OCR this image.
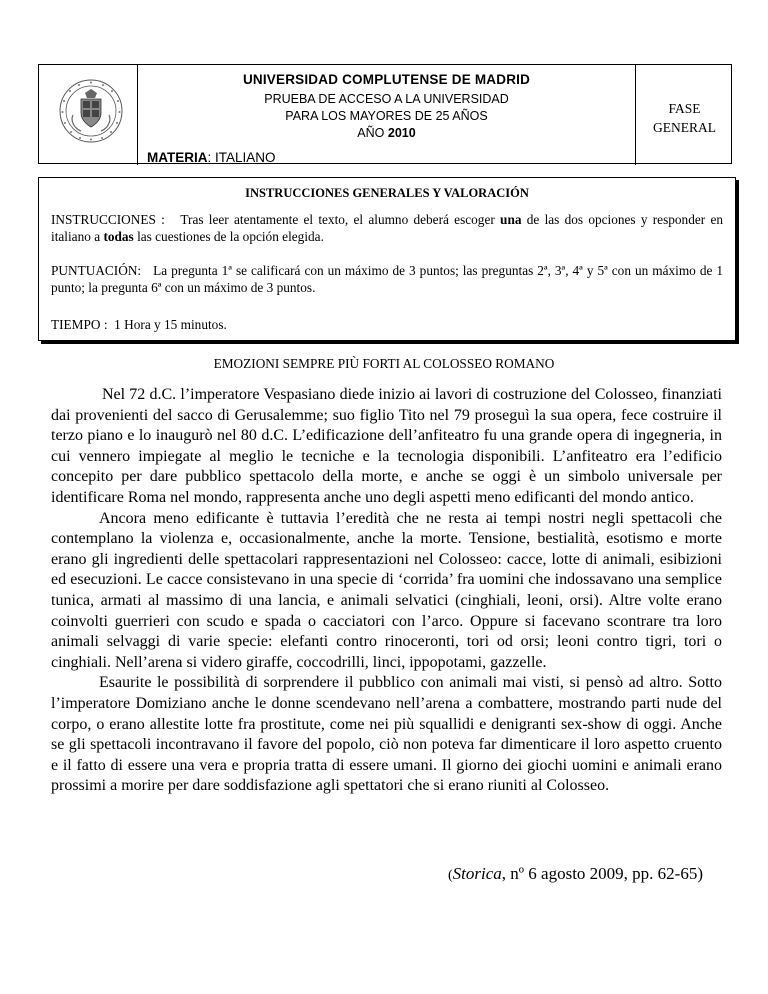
UNIVERSIDAD COMPLUTENSE DE MADRID
PRUEBA DE ACCESO A LA UNIVERSIDAD
PARA LOS MAYORES DE 25 AÑOS
AÑO 2010
MATERIA: ITALIANO
FASE
GENERAL
INSTRUCCIONES GENERALES Y VALORACIÓN
INSTRUCCIONES : Tras leer atentamente el texto, el alumno deberá escoger una de las dos opciones y responder en italiano a todas las cuestiones de la opción elegida.
PUNTUACIÓN: La pregunta 1ª se calificará con un máximo de 3 puntos; las preguntas 2ª, 3ª, 4ª y 5ª con un máximo de 1 punto; la pregunta 6ª con un máximo de 3 puntos.
TIEMPO : 1 Hora y 15 minutos.
EMOZIONI SEMPRE PIÙ FORTI AL COLOSSEO ROMANO

Nel 72 d.C. l’imperatore Vespasiano diede inizio ai lavori di costruzione del Colosseo, finanziati dai provenienti del sacco di Gerusalemme; suo figlio Tito nel 79 proseguì la sua opera, fece costruire il terzo piano e lo inaugurò nel 80 d.C. L’edificazione dell’anfiteatro fu una grande opera di ingegneria, in cui vennero impiegate al meglio le tecniche e la tecnologia disponibili. L’anfiteatro era l’edificio concepito per dare pubblico spettacolo della morte, e anche se oggi è un simbolo universale per identificare Roma nel mondo, rappresenta anche uno degli aspetti meno edificanti del mondo antico.

Ancora meno edificante è tuttavia l’eredità che ne resta ai tempi nostri negli spettacoli che contemplano la violenza e, occasionalmente, anche la morte. Tensione, bestialità, esotismo e morte erano gli ingredienti delle spettacolari rappresentazioni nel Colosseo: cacce, lotte di animali, esibizioni ed esecuzioni. Le cacce consistevano in una specie di ‘corrida’ fra uomini che indossavano una semplice tunica, armati al massimo di una lancia, e animali selvatici (cinghiali, leoni, orsi). Altre volte erano coinvolti guerrieri con scudo e spada o cacciatori con l’arco. Oppure si facevano scontrare tra loro animali selvaggi di varie specie: elefanti contro rinoceronti, tori od orsi; leoni contro tigri, tori o cinghiali. Nell’arena si videro giraffe, coccodrilli, linci, ippopotami, gazzelle.

Esaurite le possibilità di sorprendere il pubblico con animali mai visti, si pensò ad altro. Sotto l’imperatore Domiziano anche le donne scendevano nell’arena a combattere, mostrando parti nude del corpo, o erano allestite lotte fra prostitute, come nei più squallidi e denigranti sex-show di oggi. Anche se gli spettacoli incontravano il favore del popolo, ciò non poteva far dimenticare il loro aspetto cruento e il fatto di essere una vera e propria tratta di essere umani. Il giorno dei giochi uomini e animali erano prossimi a morire per dare soddisfazione agli spettatori che si erano riuniti al Colosseo.

(Storica, nº 6 agosto 2009, pp. 62-65)
